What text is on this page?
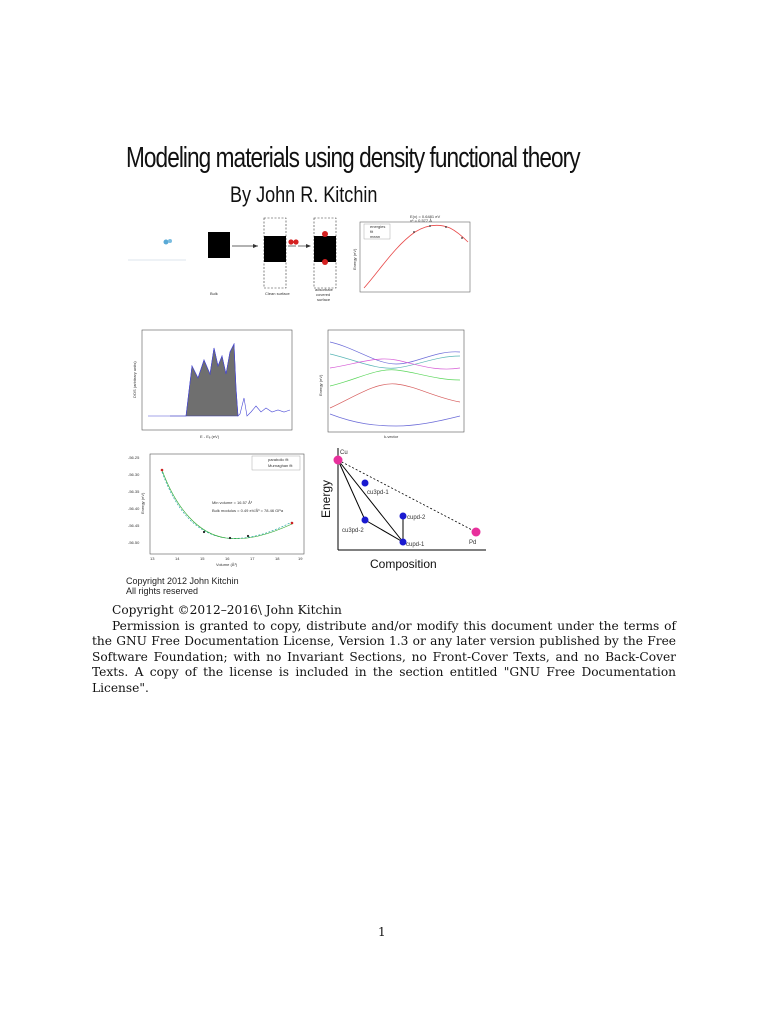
Modeling materials using density functional theory
By John R. Kitchin
Bulk	Clean surface
adsorbate
covered
surface
E(x) = 0.6481 eV
x* = 0.577 Å
energies
fit
mean
Energy (eV)
E - Eₑ (eV)
DOS (arbitrary units)
k-vector
Energy (eV)
parabolic fit
Murnaghan fit
Min volume = 16.57 Å³
Bulk modulus = 0.49 eV/Å³ = 78.46 GPa
-56.25
-56.30
-56.35
-56.40
-56.45
-56.50
13	14	15	16	17	18	19
Volume (Å³)
Energy (eV)
Cu
Pd
cu3pd-1
cu3pd-2
cupd-2
cupd-1
Composition
Energy
Copyright 2012 John Kitchin
All rights reserved

Copyright ©2012–2016\ John Kitchin

Permission is granted to copy, distribute and/or modify this document under the terms of the GNU Free Documentation License, Version 1.3 or any later version published by the Free Software Foundation; with no Invariant Sections, no Front-Cover Texts, and no Back-Cover Texts. A copy of the license is included in the section entitled "GNU Free Documentation License".

1
